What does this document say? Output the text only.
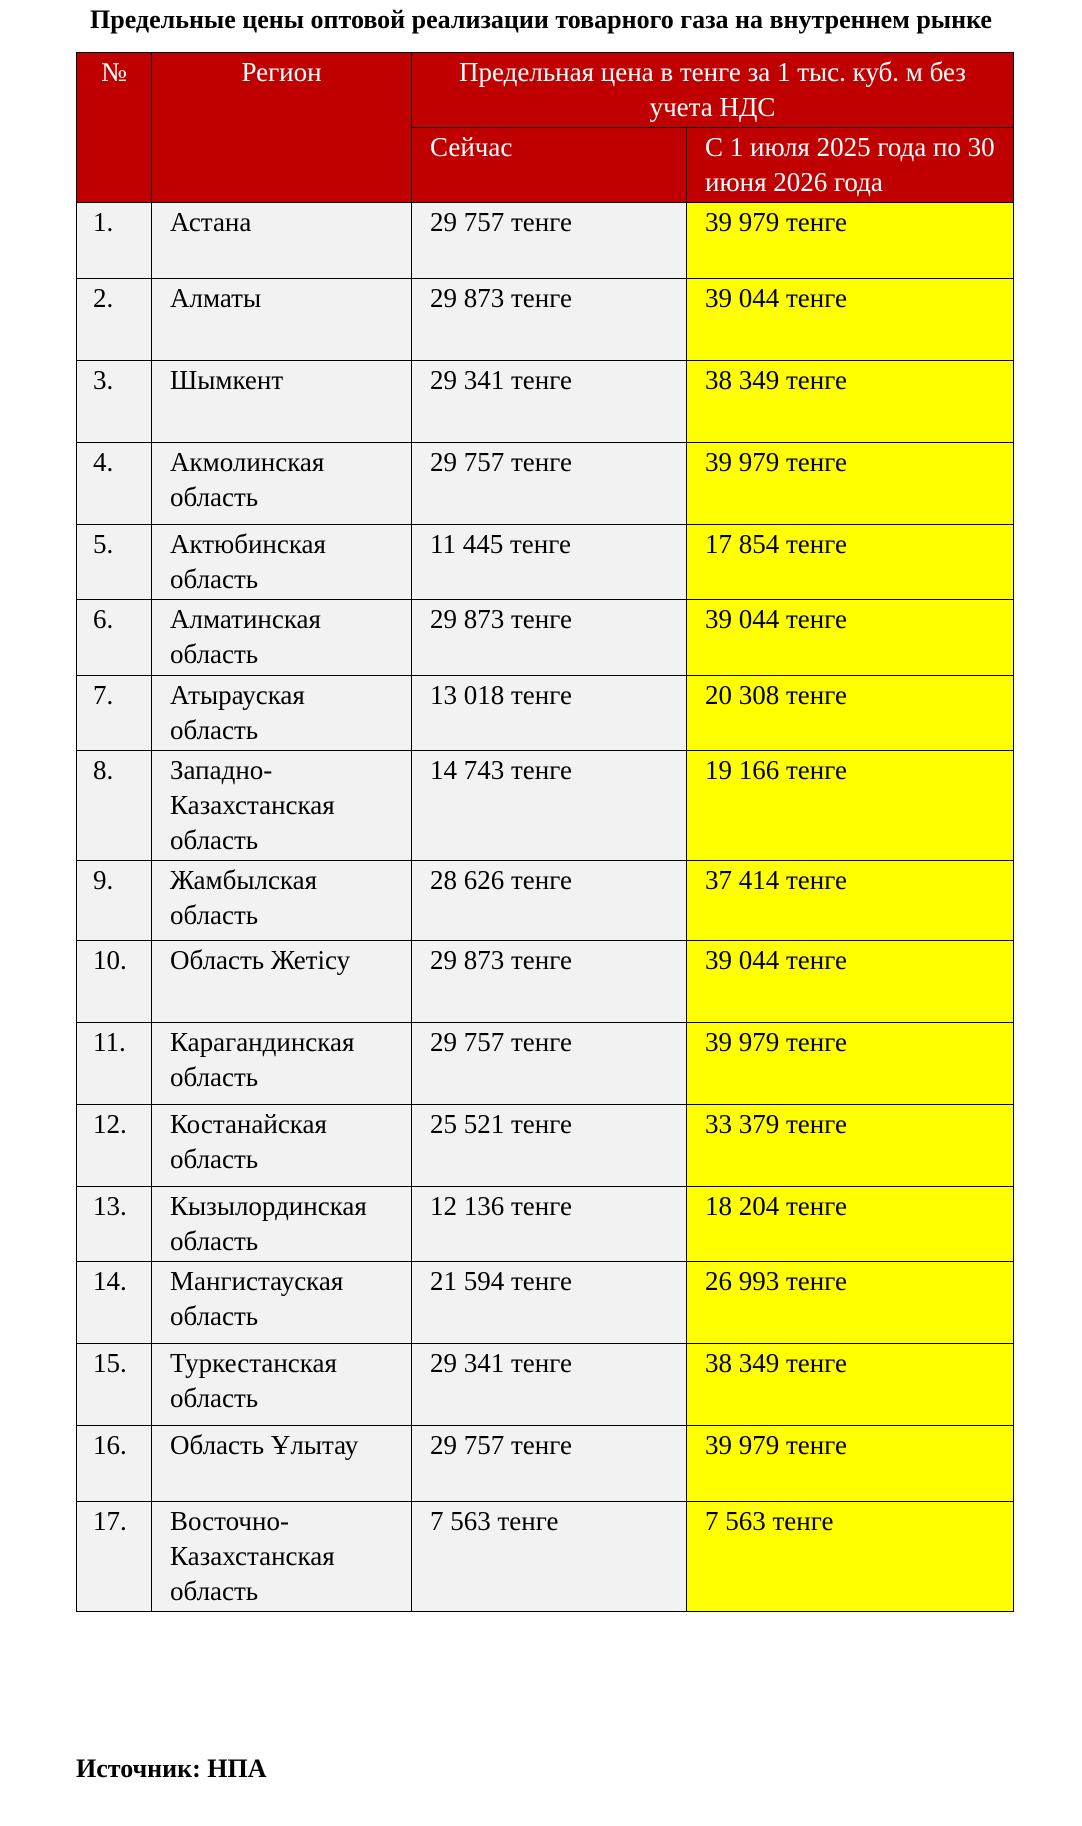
Предельные цены оптовой реализации товарного газа на внутреннем рынке
№	Регион	Предельная цена в тенге за 1 тыс. куб. м без учета НДС	
		Сейчас	С 1 июля 2025 года по 30 июня 2026 года
1.	Астана	29 757 тенге	39 979 тенге
2.	Алматы	29 873 тенге	39 044 тенге
3.	Шымкент	29 341 тенге	38 349 тенге
4.	Акмолинская область	29 757 тенге	39 979 тенге
5.	Актюбинская область	11 445 тенге	17 854 тенге
6.	Алматинская область	29 873 тенге	39 044 тенге
7.	Атырауская область	13 018 тенге	20 308 тенге
8.	Западно-Казахстанская область	14 743 тенге	19 166 тенге
9.	Жамбылская область	28 626 тенге	37 414 тенге
10.	Область Жетісу	29 873 тенге	39 044 тенге
11.	Карагандинская область	29 757 тенге	39 979 тенге
12.	Костанайская область	25 521 тенге	33 379 тенге
13.	Кызылординская область	12 136 тенге	18 204 тенге
14.	Мангистауская область	21 594 тенге	26 993 тенге
15.	Туркестанская область	29 341 тенге	38 349 тенге
16.	Область Ұлытау	29 757 тенге	39 979 тенге
17.	Восточно-Казахстанская область	7 563 тенге	7 563 тенге
Источник: НПА
